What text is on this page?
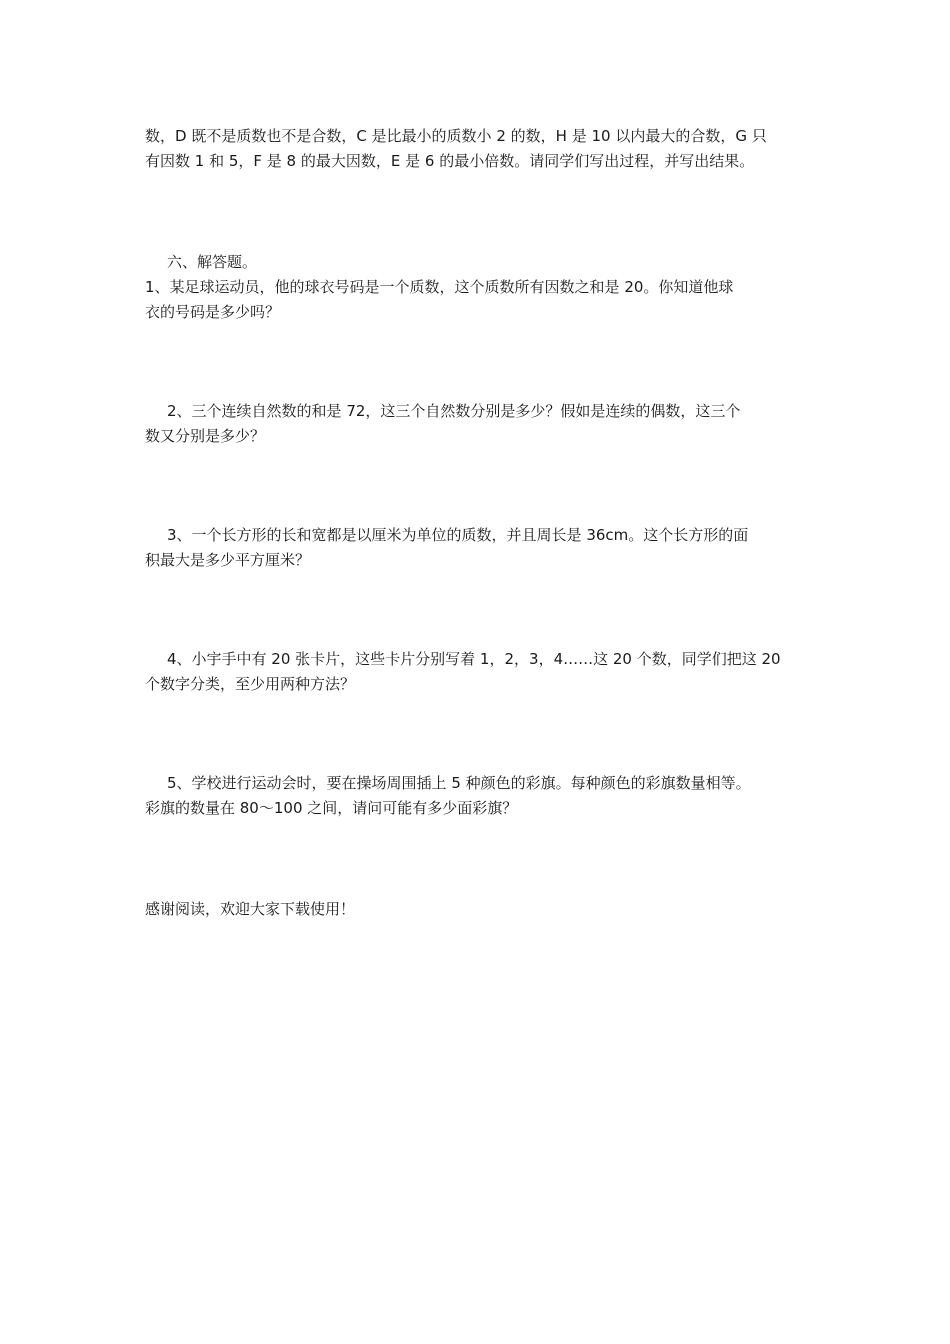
数，D 既不是质数也不是合数，C 是比最小的质数小 2 的数，H 是 10 以内最大的合数，G 只
有因数 1 和 5，F 是 8 的最大因数，E 是 6 的最小倍数。请同学们写出过程，并写出结果。

六、解答题。

1、某足球运动员，他的球衣号码是一个质数，这个质数所有因数之和是 20。你知道他球
衣的号码是多少吗？

2、三个连续自然数的和是 72，这三个自然数分别是多少？假如是连续的偶数，这三个
数又分别是多少？

3、一个长方形的长和宽都是以厘米为单位的质数，并且周长是 36cm。这个长方形的面
积最大是多少平方厘米？

4、小宇手中有 20 张卡片，这些卡片分别写着 1，2，3，4……这 20 个数，同学们把这 20
个数字分类，至少用两种方法？

5、学校进行运动会时，要在操场周围插上 5 种颜色的彩旗。每种颜色的彩旗数量相等。
彩旗的数量在 80～100 之间，请问可能有多少面彩旗？

感谢阅读，欢迎大家下载使用！
